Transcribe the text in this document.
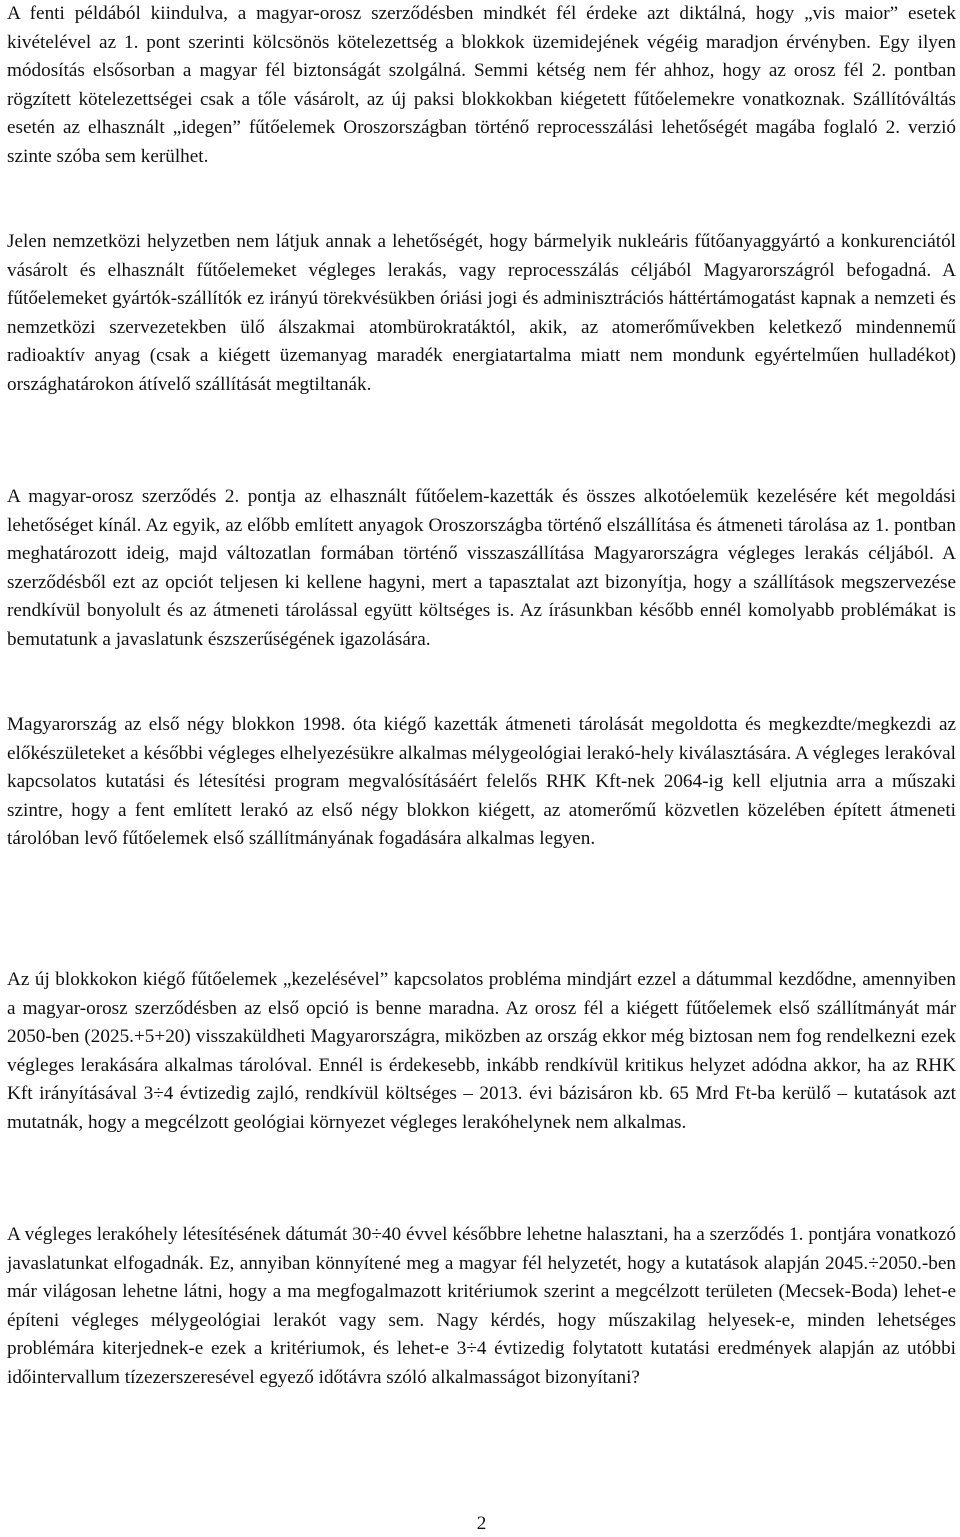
A fenti példából kiindulva, a magyar-orosz szerződésben mindkét fél érdeke azt diktálná, hogy „vis maior” esetek kivételével az 1. pont szerinti kölcsönös kötelezettség a blokkok üzemidejének végéig maradjon érvényben. Egy ilyen módosítás elsősorban a magyar fél biztonságát szolgálná. Semmi kétség nem fér ahhoz, hogy az orosz fél 2. pontban rögzített kötelezettségei csak a tőle vásárolt, az új paksi blokkokban kiégetett fűtőelemekre vonatkoznak. Szállítóváltás esetén az elhasznált „idegen” fűtőelemek Oroszországban történő reprocesszálási lehetőségét magába foglaló 2. verzió szinte szóba sem kerülhet.

Jelen nemzetközi helyzetben nem látjuk annak a lehetőségét, hogy bármelyik nukleáris fűtőanyaggyártó a konkurenciától vásárolt és elhasznált fűtőelemeket végleges lerakás, vagy reprocesszálás céljából Magyarországról befogadná. A fűtőelemeket gyártók-szállítók ez irányú törekvésükben óriási jogi és adminisztrációs háttértámogatást kapnak a nemzeti és nemzetközi szervezetekben ülő álszakmai atombürokratáktól, akik, az atomerőművekben keletkező mindennemű radioaktív anyag (csak a kiégett üzemanyag maradék energiatartalma miatt nem mondunk egyértelműen hulladékot) országhatárokon átívelő szállítását megtiltanák.

A magyar-orosz szerződés 2. pontja az elhasznált fűtőelem-kazetták és összes alkotóelemük kezelésére két megoldási lehetőséget kínál. Az egyik, az előbb említett anyagok Oroszországba történő elszállítása és átmeneti tárolása az 1. pontban meghatározott ideig, majd változatlan formában történő visszaszállítása Magyarországra végleges lerakás céljából. A szerződésből ezt az opciót teljesen ki kellene hagyni, mert a tapasztalat azt bizonyítja, hogy a szállítások megszervezése rendkívül bonyolult és az átmeneti tárolással együtt költséges is. Az írásunkban később ennél komolyabb problémákat is bemutatunk a javaslatunk észszerűségének igazolására.

Magyarország az első négy blokkon 1998. óta kiégő kazetták átmeneti tárolását megoldotta és megkezdte/megkezdi az előkészületeket a későbbi végleges elhelyezésükre alkalmas mélygeológiai lerakó-hely kiválasztására. A végleges lerakóval kapcsolatos kutatási és létesítési program megvalósításáért felelős RHK Kft-nek 2064-ig kell eljutnia arra a műszaki szintre, hogy a fent említett lerakó az első négy blokkon kiégett, az atomerőmű közvetlen közelében épített átmeneti tárolóban levő fűtőelemek első szállítmányának fogadására alkalmas legyen.

Az új blokkokon kiégő fűtőelemek „kezelésével” kapcsolatos probléma mindjárt ezzel a dátummal kezdődne, amennyiben a magyar-orosz szerződésben az első opció is benne maradna. Az orosz fél a kiégett fűtőelemek első szállítmányát már 2050-ben (2025.+5+20) visszaküldheti Magyarországra, miközben az ország ekkor még biztosan nem fog rendelkezni ezek végleges lerakására alkalmas tárolóval. Ennél is érdekesebb, inkább rendkívül kritikus helyzet adódna akkor, ha az RHK Kft irányításával 3÷4 évtizedig zajló, rendkívül költséges – 2013. évi bázisáron kb. 65 Mrd Ft-ba kerülő – kutatások azt mutatnák, hogy a megcélzott geológiai környezet végleges lerakóhelynek nem alkalmas.

A végleges lerakóhely létesítésének dátumát 30÷40 évvel későbbre lehetne halasztani, ha a szerződés 1. pontjára vonatkozó javaslatunkat elfogadnák. Ez, annyiban könnyítené meg a magyar fél helyzetét, hogy a kutatások alapján 2045.÷2050.-ben már világosan lehetne látni, hogy a ma megfogalmazott kritériumok szerint a megcélzott területen (Mecsek-Boda) lehet-e építeni végleges mélygeológiai lerakót vagy sem. Nagy kérdés, hogy műszakilag helyesek-e, minden lehetséges problémára kiterjednek-e ezek a kritériumok, és lehet-e 3÷4 évtizedig folytatott kutatási eredmények alapján az utóbbi időintervallum tízezerszeresével egyező időtávra szóló alkalmasságot bizonyítani?

2
